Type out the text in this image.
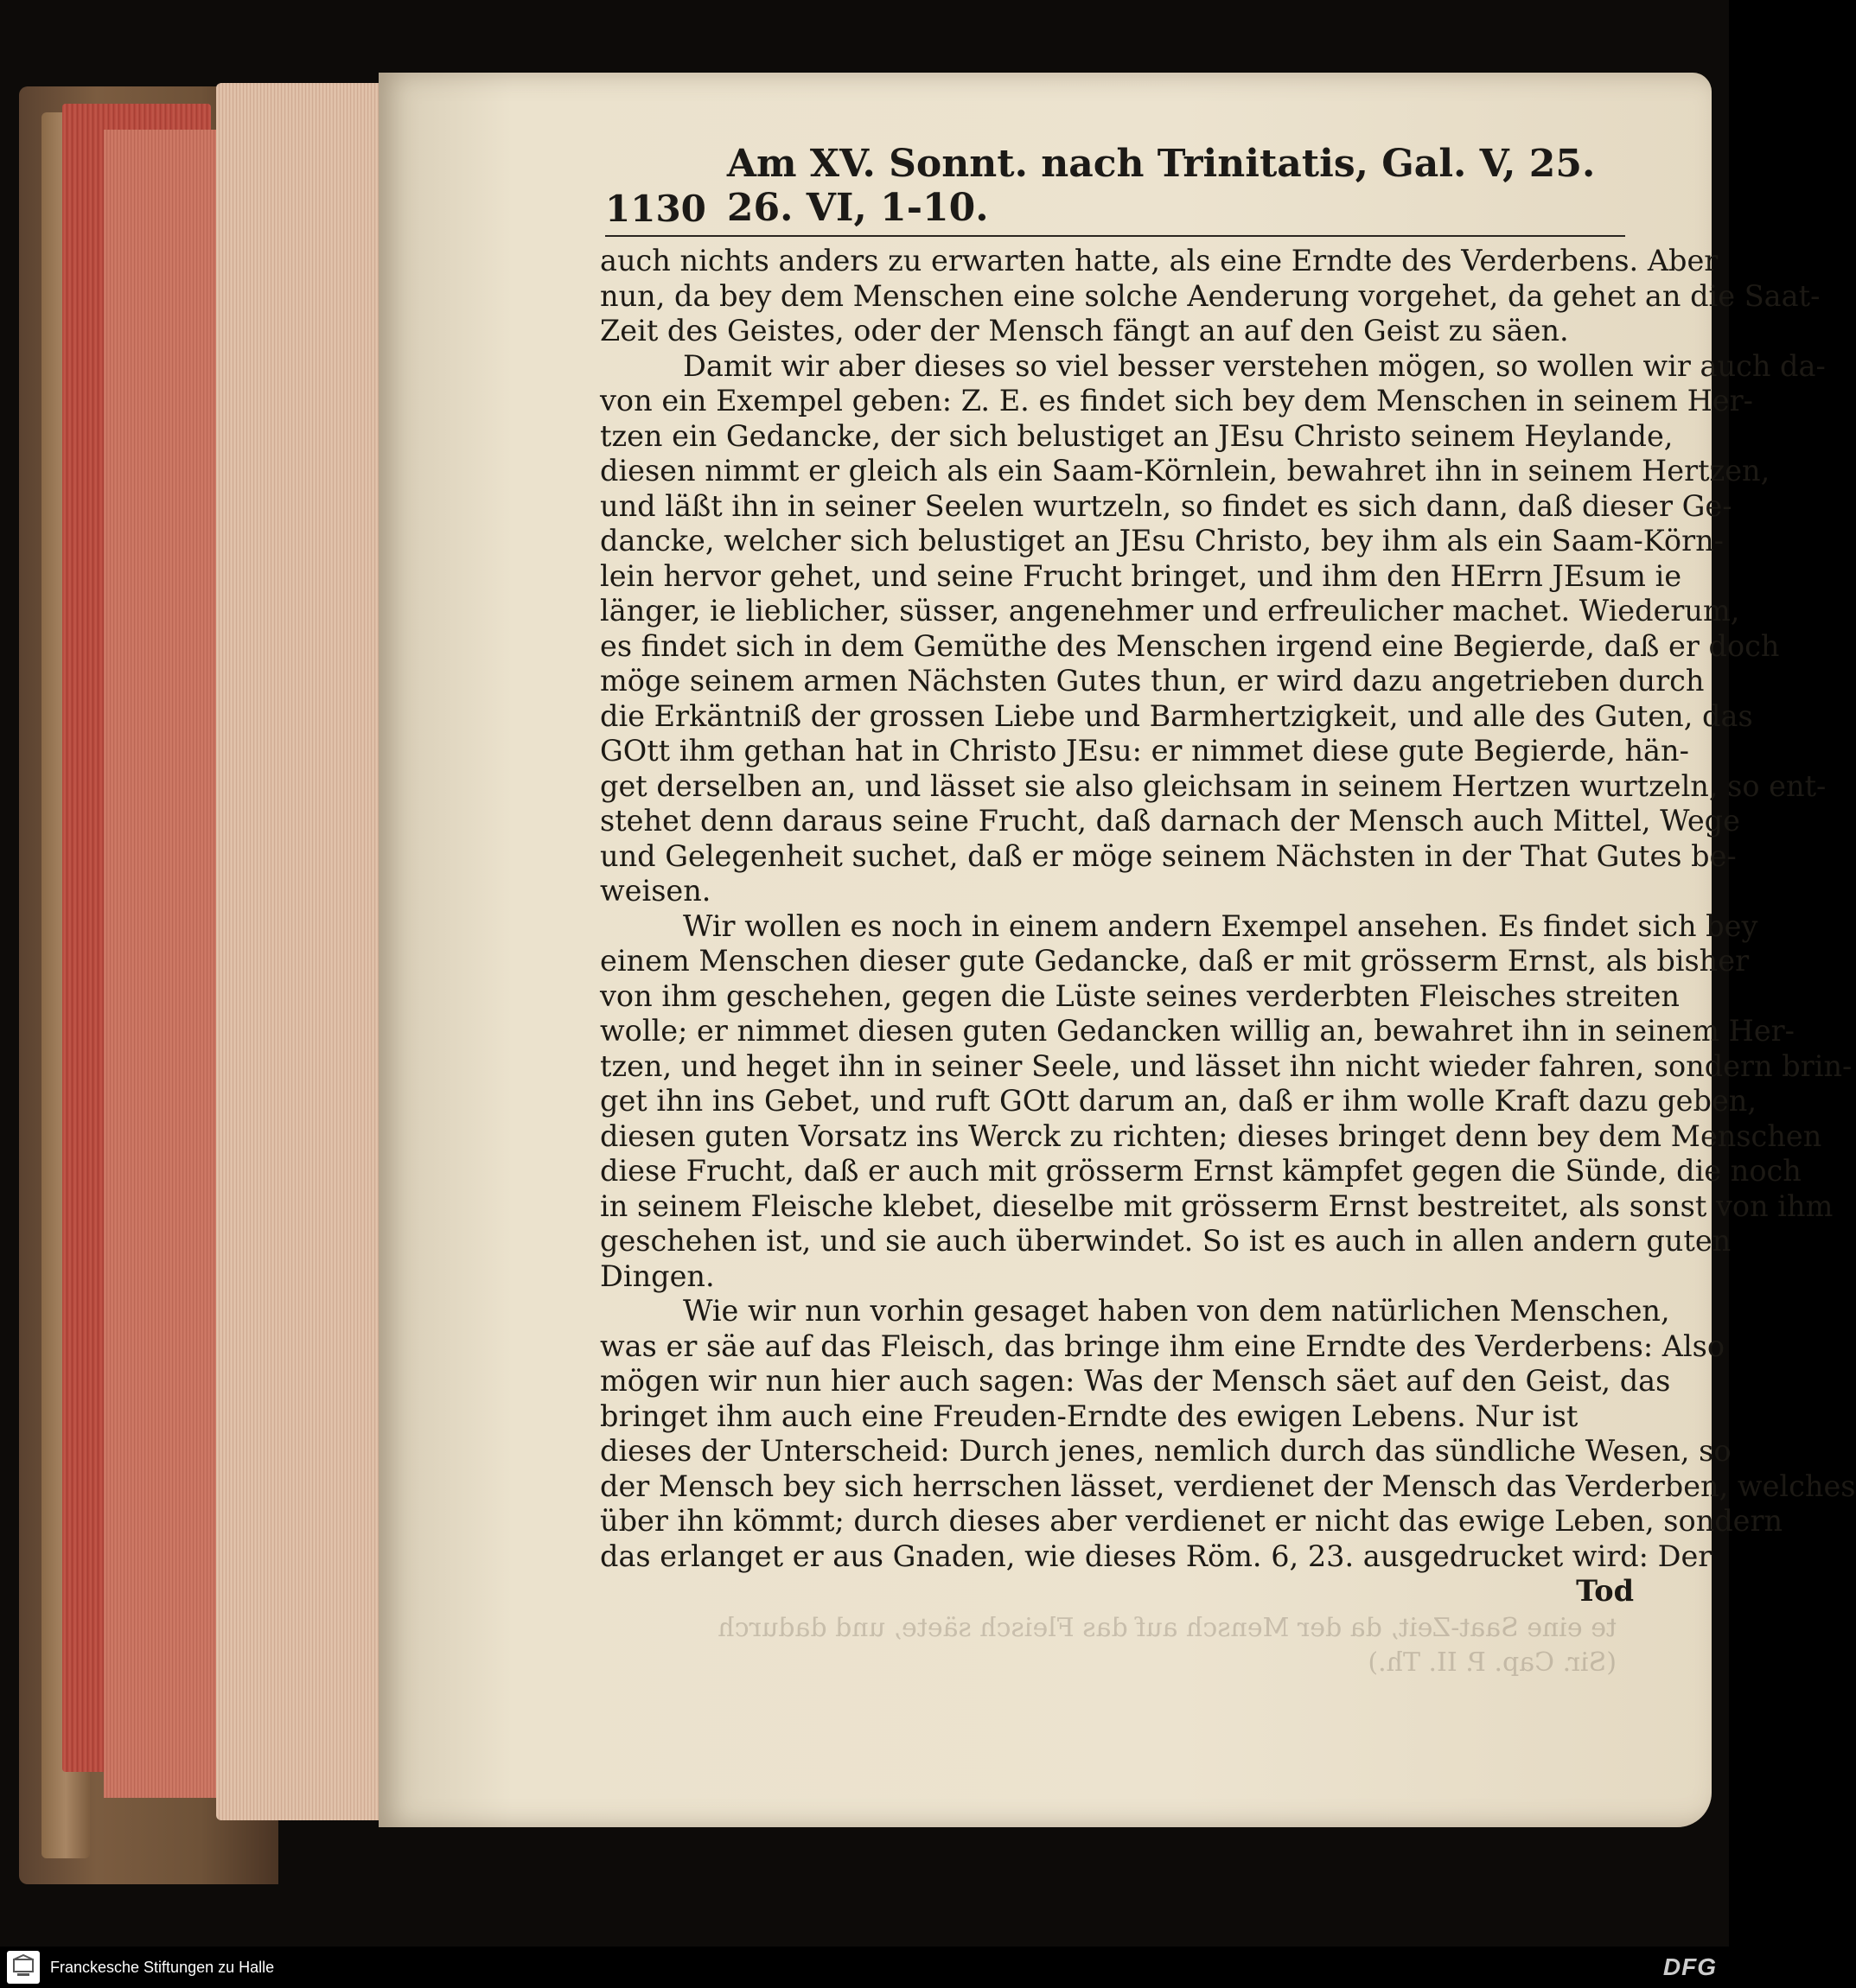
1130
Am XV. Sonnt. nach Trinitatis, Gal. V, 25. 26. VI, 1-10.
te eine Saat-Zeit, da der Mensch auf das Fleisch säete, und dadurch
(Sir. Cap. P. II. Th.)
auch nichts anders zu erwarten hatte, als eine Erndte des Verderbens. Aber
nun, da bey dem Menschen eine solche Aenderung vorgehet, da gehet an die Saat-
Zeit des Geistes, oder der Mensch fängt an auf den Geist zu säen.
Damit wir aber dieses so viel besser verstehen mögen, so wollen wir auch da-
von ein Exempel geben: Z. E. es findet sich bey dem Menschen in seinem Her-
tzen ein Gedancke, der sich belustiget an JEsu Christo seinem Heylande,
diesen nimmt er gleich als ein Saam-Körnlein, bewahret ihn in seinem Hertzen,
und läßt ihn in seiner Seelen wurtzeln, so findet es sich dann, daß dieser Ge-
dancke, welcher sich belustiget an JEsu Christo, bey ihm als ein Saam-Körn-
lein hervor gehet, und seine Frucht bringet, und ihm den HErrn JEsum ie
länger, ie lieblicher, süsser, angenehmer und erfreulicher machet. Wiederum,
es findet sich in dem Gemüthe des Menschen irgend eine Begierde, daß er doch
möge seinem armen Nächsten Gutes thun, er wird dazu angetrieben durch
die Erkäntniß der grossen Liebe und Barmhertzigkeit, und alle des Guten, das
GOtt ihm gethan hat in Christo JEsu: er nimmet diese gute Begierde, hän-
get derselben an, und lässet sie also gleichsam in seinem Hertzen wurtzeln, so ent-
stehet denn daraus seine Frucht, daß darnach der Mensch auch Mittel, Wege
und Gelegenheit suchet, daß er möge seinem Nächsten in der That Gutes be-
weisen.
Wir wollen es noch in einem andern Exempel ansehen. Es findet sich bey
einem Menschen dieser gute Gedancke, daß er mit grösserm Ernst, als bisher
von ihm geschehen, gegen die Lüste seines verderbten Fleisches streiten
wolle; er nimmet diesen guten Gedancken willig an, bewahret ihn in seinem Her-
tzen, und heget ihn in seiner Seele, und lässet ihn nicht wieder fahren, sondern brin-
get ihn ins Gebet, und ruft GOtt darum an, daß er ihm wolle Kraft dazu geben,
diesen guten Vorsatz ins Werck zu richten; dieses bringet denn bey dem Menschen
diese Frucht, daß er auch mit grösserm Ernst kämpfet gegen die Sünde, die noch
in seinem Fleische klebet, dieselbe mit grösserm Ernst bestreitet, als sonst von ihm
geschehen ist, und sie auch überwindet. So ist es auch in allen andern guten
Dingen.
Wie wir nun vorhin gesaget haben von dem natürlichen Menschen,
was er säe auf das Fleisch, das bringe ihm eine Erndte des Verderbens: Also
mögen wir nun hier auch sagen: Was der Mensch säet auf den Geist, das
bringet ihm auch eine Freuden-Erndte des ewigen Lebens. Nur ist
dieses der Unterscheid: Durch jenes, nemlich durch das sündliche Wesen, so
der Mensch bey sich herrschen lässet, verdienet der Mensch das Verderben, welches
über ihn kömmt; durch dieses aber verdienet er nicht das ewige Leben, sondern
das erlanget er aus Gnaden, wie dieses Röm. 6, 23. ausgedrucket wird: Der
Tod
Franckesche Stiftungen zu Halle	DFG
